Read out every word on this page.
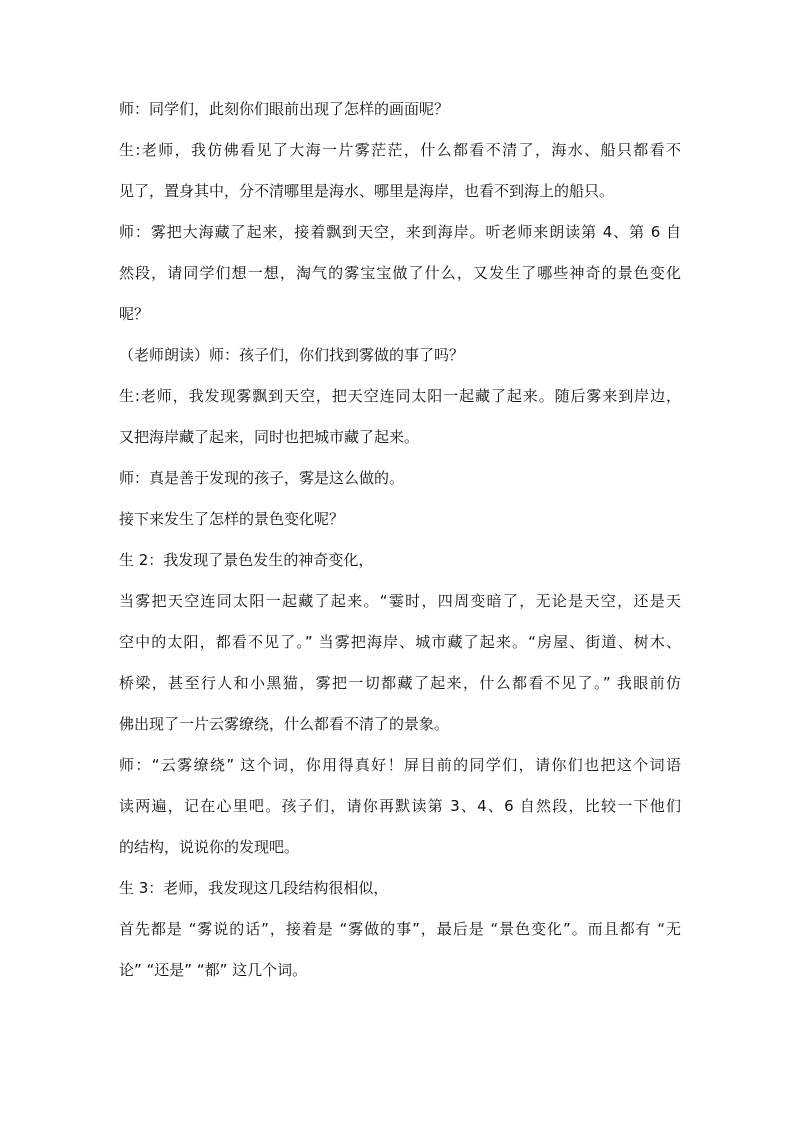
师：同学们，此刻你们眼前出现了怎样的画面呢？
生:老师，我仿佛看见了大海一片雾茫茫，什么都看不清了，海水、船只都看不
见了，置身其中，分不清哪里是海水、哪里是海岸，也看不到海上的船只。
师：雾把大海藏了起来，接着飘到天空，来到海岸。听老师来朗读第 4、第 6 自
然段，请同学们想一想，淘气的雾宝宝做了什么，又发生了哪些神奇的景色变化
呢？
（老师朗读）师：孩子们，你们找到雾做的事了吗？
生:老师，我发现雾飘到天空，把天空连同太阳一起藏了起来。随后雾来到岸边，
又把海岸藏了起来，同时也把城市藏了起来。
师：真是善于发现的孩子，雾是这么做的。
接下来发生了怎样的景色变化呢？
生 2：我发现了景色发生的神奇变化，
当雾把天空连同太阳一起藏了起来。“霎时，四周变暗了，无论是天空，还是天
空中的太阳，都看不见了。” 当雾把海岸、城市藏了起来。“房屋、街道、树木、
桥梁，甚至行人和小黑猫，雾把一切都藏了起来，什么都看不见了。” 我眼前仿
佛出现了一片云雾缭绕，什么都看不清了的景象。
师：“云雾缭绕” 这个词，你用得真好！屏目前的同学们，请你们也把这个词语
读两遍，记在心里吧。孩子们，请你再默读第 3、4、6 自然段，比较一下他们
的结构，说说你的发现吧。
生 3：老师，我发现这几段结构很相似，
首先都是 “雾说的话”，接着是 “雾做的事”，最后是 “景色变化”。而且都有 “无
论” “还是” “都” 这几个词。
